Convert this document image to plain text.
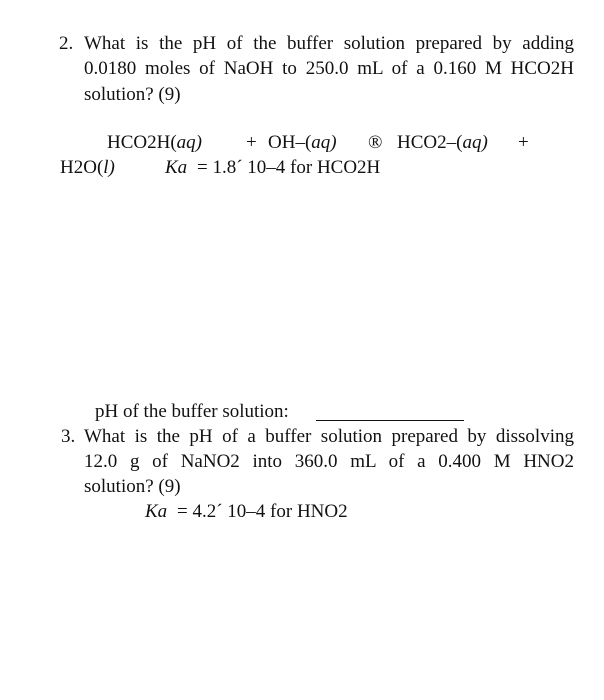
2. What is the pH of the buffer solution prepared by adding
0.0180 moles of NaOH to 250.0 mL of a 0.160 M HCO2H
solution? (9)
HCO2H(aq) + OH–(aq) ® HCO2–(aq) +
H2O(l)	Ka = 1.8´ 10–4 for HCO2H
pH of the buffer solution:
3. What is the pH of a buffer solution prepared by dissolving
12.0 g of NaNO2 into 360.0 mL of a 0.400 M HNO2
solution? (9)
Ka = 4.2´ 10–4 for HNO2
